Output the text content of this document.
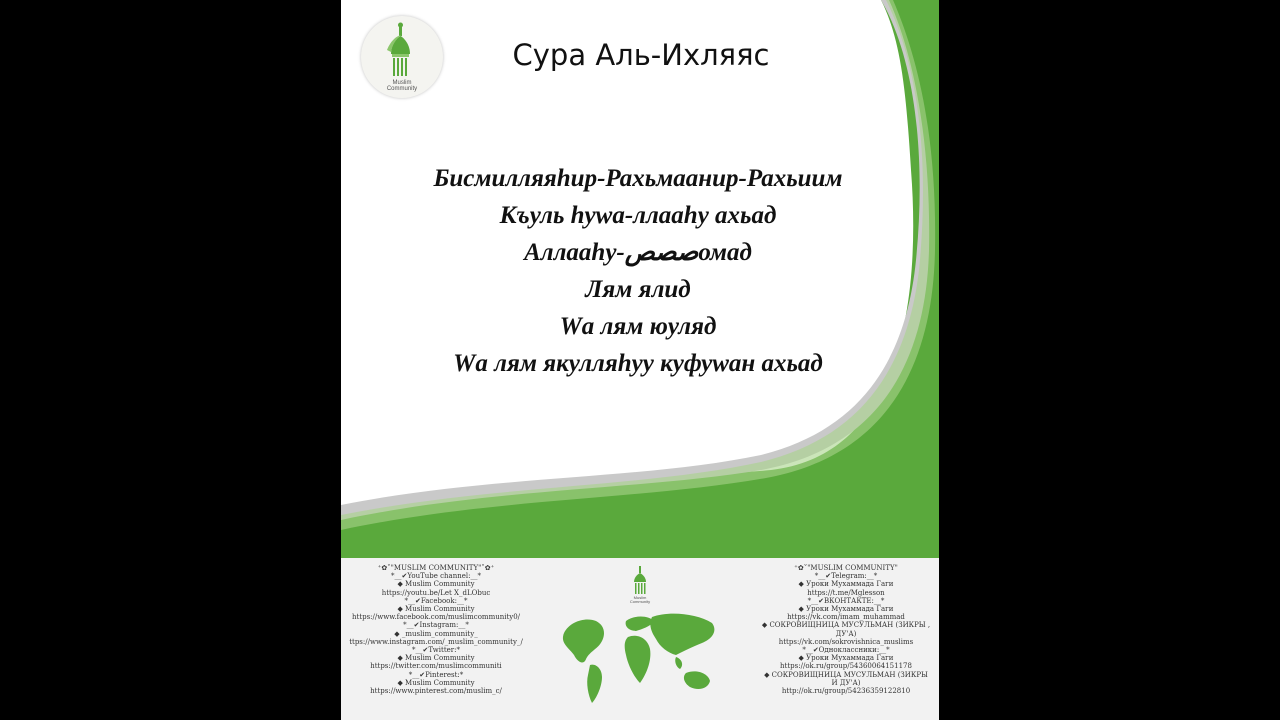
Muslim
Community
Сура Аль-Ихляяс
Бисмилляяhир-Рахьмаанир-Рахьиим
Къуль hуwа-ллааhу ахьад
Аллааhу-صصصомад
Лям ялид
Wа лям юуляд
Wа лям якулляhуу куфуwан ахьад
⁺✿˚"MUSLIM COMMUNITY"˚✿⁺
*__✔YouTube channel:__*
◆ Muslim Community
https://youtu.be/Let X_dLObuc
*__✔Facebook:__*
◆ Muslim Community
https://www.facebook.com/muslimcommunity0/
*__✔Instagram:__*
◆ _muslim_community_
ttps://www.instagram.com/_muslim_community_/
*__✔Twitter:*
◆ Muslim Community
https://twitter.com/muslimcommuniti
*__✔Pinterest:*
◆ Muslim Community
https://www.pinterest.com/muslim_c/
Muslim
Community
⁺✿˚"MUSLIM COMMUNITY"
*__✔Telegram:__*
◆ Уроки Мухаммада Гаги
https://t.me/Mglesson
*__✔ВКОНТАКТЕ:__*
◆ Уроки Мухаммада Гаги
https://vk.com/imam_muhammad
◆ СОКРОВИЩНИЦА МУСУЛЬМАН (ЗИКРЫ ,
ДУ'А)
https://vk.com/sokrovishnica_muslims
*__✔Одноклассники:__*
◆ Уроки Мухаммада Гаги
https://ok.ru/group/54360064151178
◆ СОКРОВИЩНИЦА МУСУЛЬМАН (ЗИКРЫ
И ДУ'А)
http://ok.ru/group/54236359122810
